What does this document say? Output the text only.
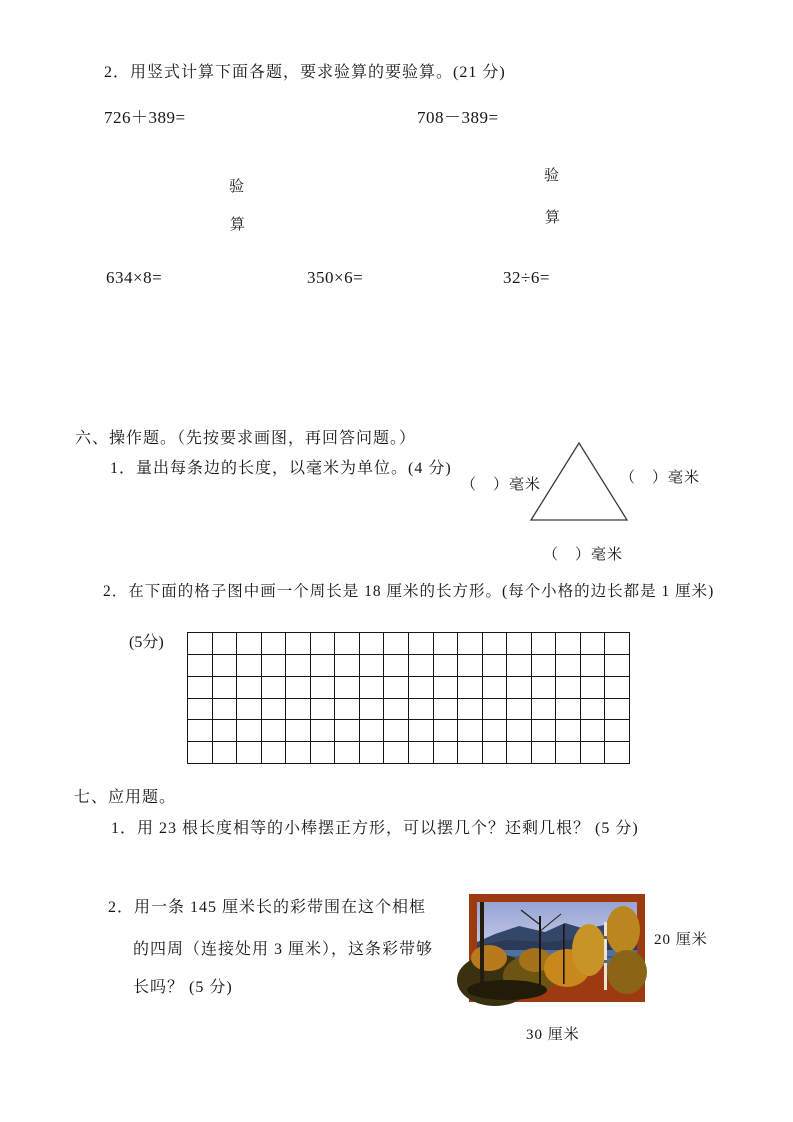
2．用竖式计算下面各题，要求验算的要验算。(21 分)
726＋389=	708－389=
验
算
验
算
634×8=	350×6=	32÷6=
六、操作题。（先按要求画图，再回答问题。）
1．量出每条边的长度，以毫米为单位。(4 分)
（　）毫米	（　）毫米
（　）毫米
2．在下面的格子图中画一个周长是 18 厘米的长方形。(每个小格的边长都是 1 厘米)
(5分)
七、应用题。
1．用 23 根长度相等的小棒摆正方形，可以摆几个？还剩几根？ (5 分)
2．用一条 145 厘米长的彩带围在这个相框
的四周（连接处用 3 厘米），这条彩带够
长吗？ (5 分)
20 厘米
30 厘米
